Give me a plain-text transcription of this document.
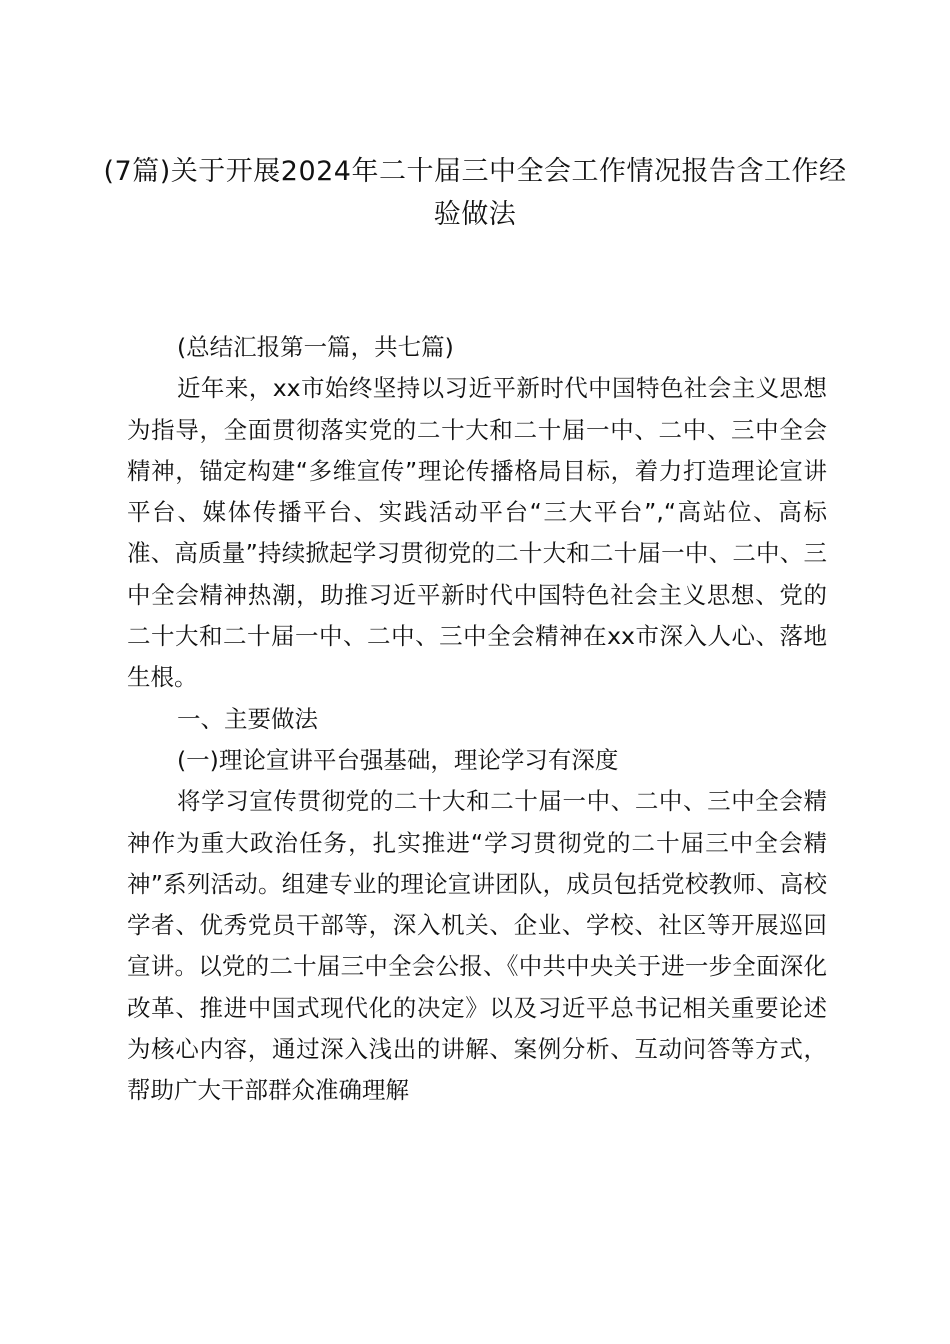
(7篇)关于开展2024年二十届三中全会工作情况报告含工作经验做法

(总结汇报第一篇，共七篇)

近年来，xx市始终坚持以习近平新时代中国特色社会主义思想为指导，全面贯彻落实党的二十大和二十届一中、二中、三中全会精神，锚定构建“多维宣传”理论传播格局目标，着力打造理论宣讲平台、媒体传播平台、实践活动平台“三大平台”,“高站位、高标准、高质量”持续掀起学习贯彻党的二十大和二十届一中、二中、三中全会精神热潮，助推习近平新时代中国特色社会主义思想、党的二十大和二十届一中、二中、三中全会精神在xx市深入人心、落地生根。

一、主要做法

(一)理论宣讲平台强基础，理论学习有深度

将学习宣传贯彻党的二十大和二十届一中、二中、三中全会精神作为重大政治任务，扎实推进“学习贯彻党的二十届三中全会精神”系列活动。组建专业的理论宣讲团队，成员包括党校教师、高校学者、优秀党员干部等，深入机关、企业、学校、社区等开展巡回宣讲。以党的二十届三中全会公报、《中共中央关于进一步全面深化改革、推进中国式现代化的决定》以及习近平总书记相关重要论述为核心内容，通过深入浅出的讲解、案例分析、互动问答等方式，帮助广大干部群众准确理解
